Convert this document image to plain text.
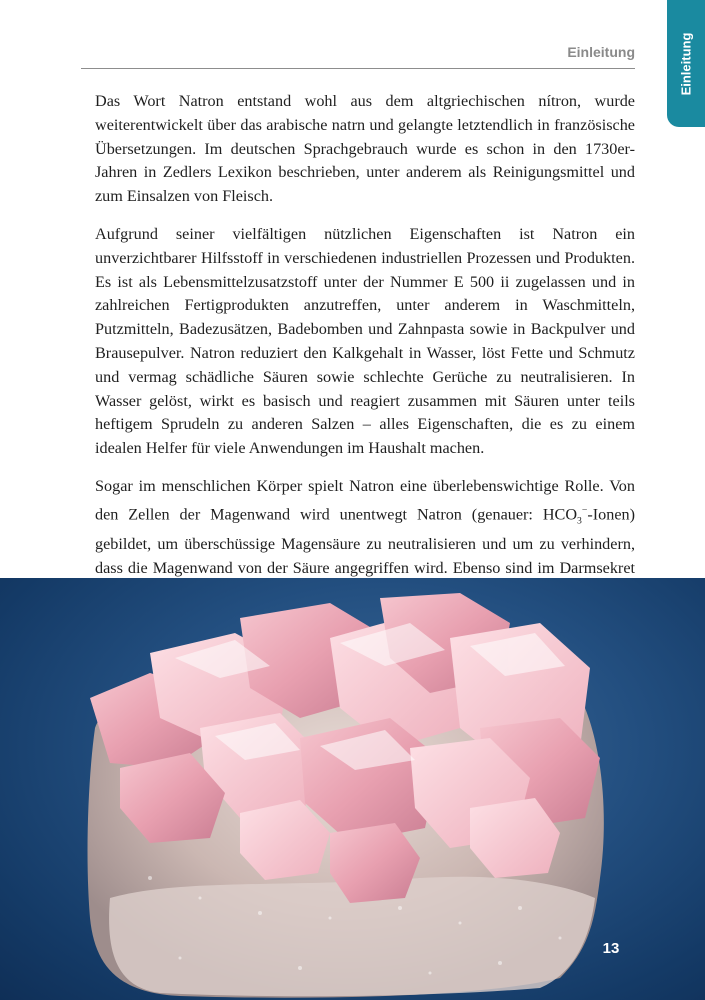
Einleitung
Einleitung

Das Wort Natron entstand wohl aus dem altgriechischen nítron, wurde weiterentwickelt über das arabische natrn und gelangte letztendlich in französische Übersetzungen. Im deutschen Sprachgebrauch wurde es schon in den 1730er-Jahren in Zedlers Lexikon beschrieben, unter anderem als Reinigungsmittel und zum Einsalzen von Fleisch.

Aufgrund seiner vielfältigen nützlichen Eigenschaften ist Natron ein unverzichtbarer Hilfsstoff in verschiedenen industriellen Prozessen und Produkten. Es ist als Lebensmittelzusatzstoff unter der Nummer E 500 ii zugelassen und in zahlreichen Fertigprodukten anzutreffen, unter anderem in Waschmitteln, Putzmitteln, Badezusätzen, Badebomben und Zahnpasta sowie in Backpulver und Brausepulver. Natron reduziert den Kalkgehalt in Wasser, löst Fette und Schmutz und vermag schädliche Säuren sowie schlechte Gerüche zu neutralisieren. In Wasser gelöst, wirkt es basisch und reagiert zusammen mit Säuren unter teils heftigem Sprudeln zu anderen Salzen – alles Eigenschaften, die es zu einem idealen Helfer für viele Anwendungen im Haushalt machen.

Sogar im menschlichen Körper spielt Natron eine überlebenswichtige Rolle. Von den Zellen der Magenwand wird unentwegt Natron (genauer: $HCO_3^--Ionen$) gebildet, um überschüssige Magensäure zu neutralisieren und um zu verhindern, dass die Magenwand von der Säure angegriffen wird. Ebenso sind im Darmsekret

13
